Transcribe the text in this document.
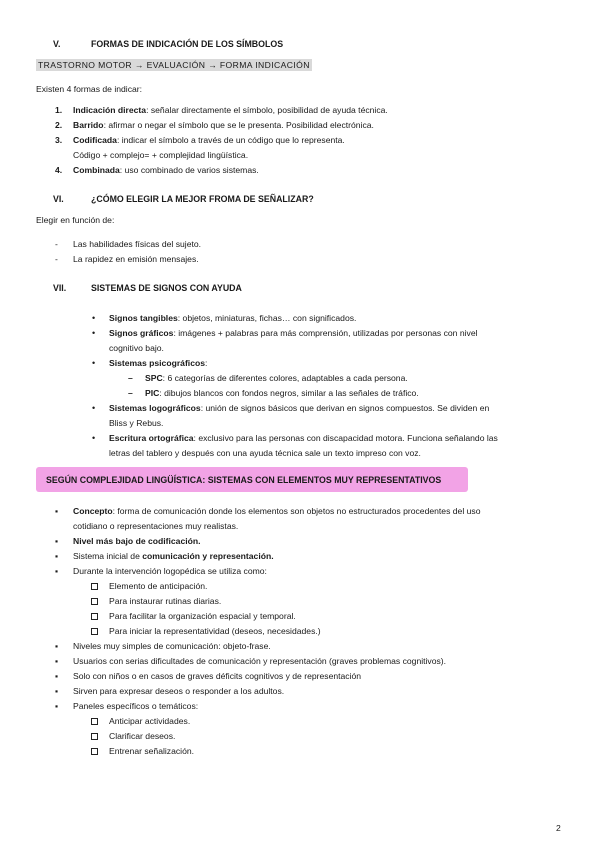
V.	FORMAS DE INDICACIÓN DE LOS SÍMBOLOS
TRASTORNO MOTOR → EVALUACIÓN → FORMA INDICACIÓN
Existen 4 formas de indicar:
1. Indicación directa: señalar directamente el símbolo, posibilidad de ayuda técnica.
2. Barrido: afirmar o negar el símbolo que se le presenta. Posibilidad electrónica.
3. Codificada: indicar el símbolo a través de un código que lo representa.
Código + complejo= + complejidad lingüística.
4. Combinada: uso combinado de varios sistemas.
VI.	¿CÓMO ELEGIR LA MEJOR FROMA DE SEÑALIZAR?
Elegir en función de:
- Las habilidades físicas del sujeto.
- La rapidez en emisión mensajes.
VII.	SISTEMAS DE SIGNOS CON AYUDA
• Signos tangibles: objetos, miniaturas, fichas… con significados.
• Signos gráficos: imágenes + palabras para más comprensión, utilizadas por personas con nivel
cognitivo bajo.
• Sistemas psicográficos:
– SPC: 6 categorías de diferentes colores, adaptables a cada persona.
– PIC: dibujos blancos con fondos negros, similar a las señales de tráfico.
• Sistemas logográficos: unión de signos básicos que derivan en signos compuestos. Se dividen en
Bliss y Rebus.
• Escritura ortográfica: exclusivo para las personas con discapacidad motora. Funciona señalando las
letras del tablero y después con una ayuda técnica sale un texto impreso con voz.
SEGÚN COMPLEJIDAD LINGÜÍSTICA: SISTEMAS CON ELEMENTOS MUY REPRESENTATIVOS
▪ Concepto: forma de comunicación donde los elementos son objetos no estructurados procedentes del uso
cotidiano o representaciones muy realistas.
▪ Nivel más bajo de codificación.
▪ Sistema inicial de comunicación y representación.
▪ Durante la intervención logopédica se utiliza como:
Elemento de anticipación.
Para instaurar rutinas diarias.
Para facilitar la organización espacial y temporal.
Para iniciar la representatividad (deseos, necesidades.)
▪ Niveles muy simples de comunicación: objeto-frase.
▪ Usuarios con serias dificultades de comunicación y representación (graves problemas cognitivos).
▪ Solo con niños o en casos de graves déficits cognitivos y de representación
▪ Sirven para expresar deseos o responder a los adultos.
▪ Paneles específicos o temáticos:
Anticipar actividades.
Clarificar deseos.
Entrenar señalización.
2
